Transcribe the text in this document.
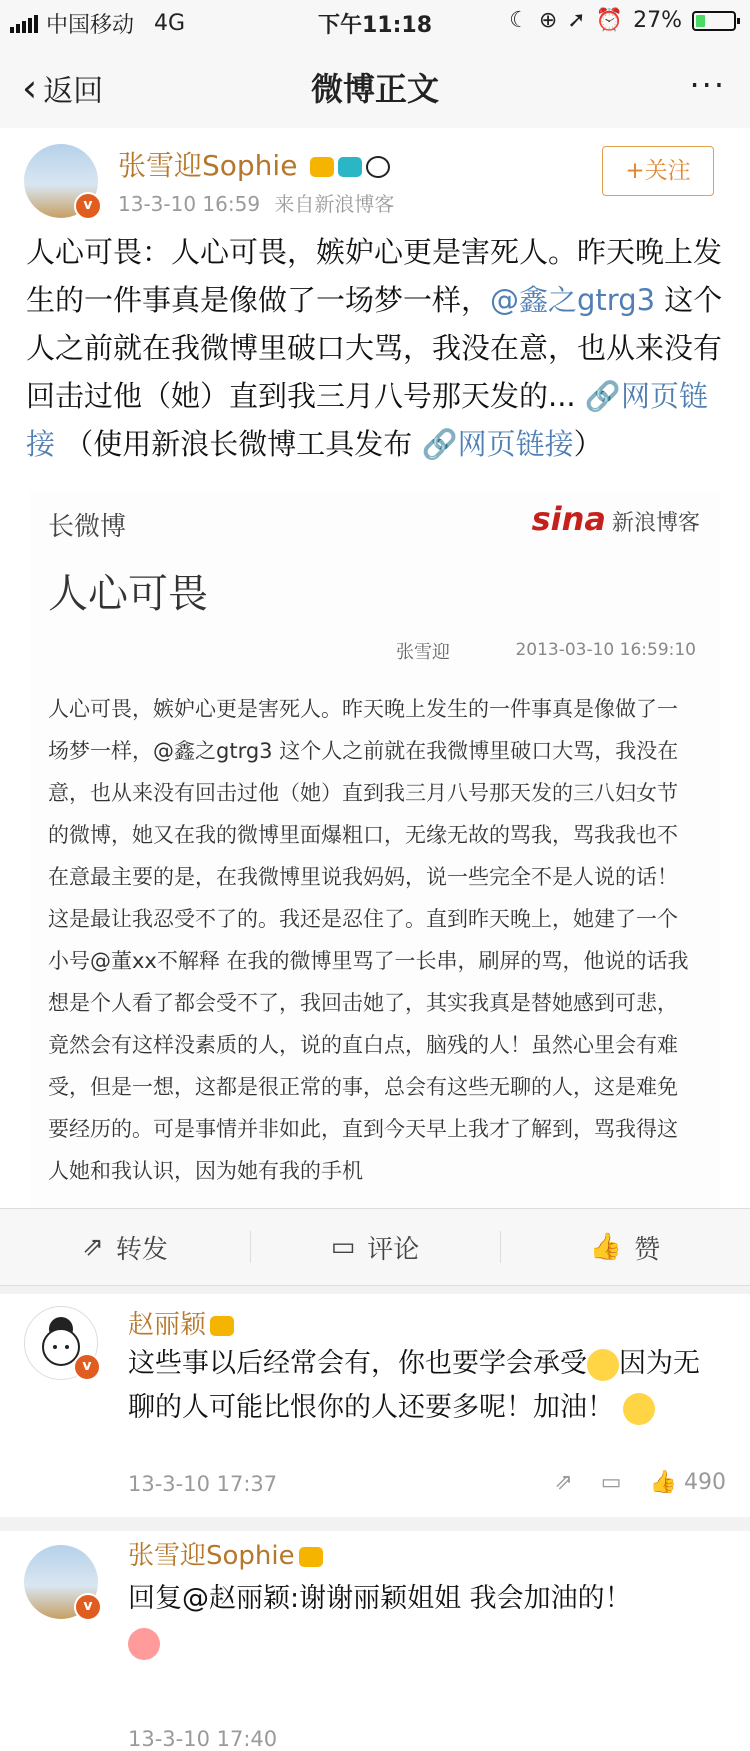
中国移动 4G	下午11:18	☾ ⊕ ➚ ⏰ 27%
‹ 返回	微博正文	···
v
张雪迎Sophie
13-3-10 16:59 来自新浪博客
+关注
人心可畏：人心可畏，嫉妒心更是害死人。昨天晚上发生的一件事真是像做了一场梦一样，@鑫之gtrg3 这个人之前就在我微博里破口大骂，我没在意，也从来没有回击过他（她）直到我三月八号那天发的... 🔗网页链接 （使用新浪长微博工具发布 🔗网页链接）
长微博	sina 新浪博客
人心可畏
张雪迎	2013-03-10 16:59:10
人心可畏，嫉妒心更是害死人。昨天晚上发生的一件事真是像做了一场梦一样，@鑫之gtrg3 这个人之前就在我微博里破口大骂，我没在意，也从来没有回击过他（她）直到我三月八号那天发的三八妇女节的微博，她又在我的微博里面爆粗口，无缘无故的骂我，骂我我也不在意最主要的是，在我微博里说我妈妈，说一些完全不是人说的话！这是最让我忍受不了的。我还是忍住了。直到昨天晚上，她建了一个小号@董xx不解释 在我的微博里骂了一长串，刷屏的骂，他说的话我想是个人看了都会受不了，我回击她了，其实我真是替她感到可悲，竟然会有这样没素质的人，说的直白点，脑残的人！虽然心里会有难受，但是一想，这都是很正常的事，总会有这些无聊的人，这是难免要经历的。可是事情并非如此，直到今天早上我才了解到，骂我得这人她和我认识，因为她有我的手机
⇗ 转发	▭ 评论	👍 赞
v
赵丽颖
这些事以后经常会有，你也要学会承受 因为无聊的人可能比恨你的人还要多呢！加油！
13-3-10 17:37	⇗ ▭ 👍 490
v
张雪迎Sophie
回复@赵丽颖:谢谢丽颖姐姐 我会加油的！

13-3-10 17:40
